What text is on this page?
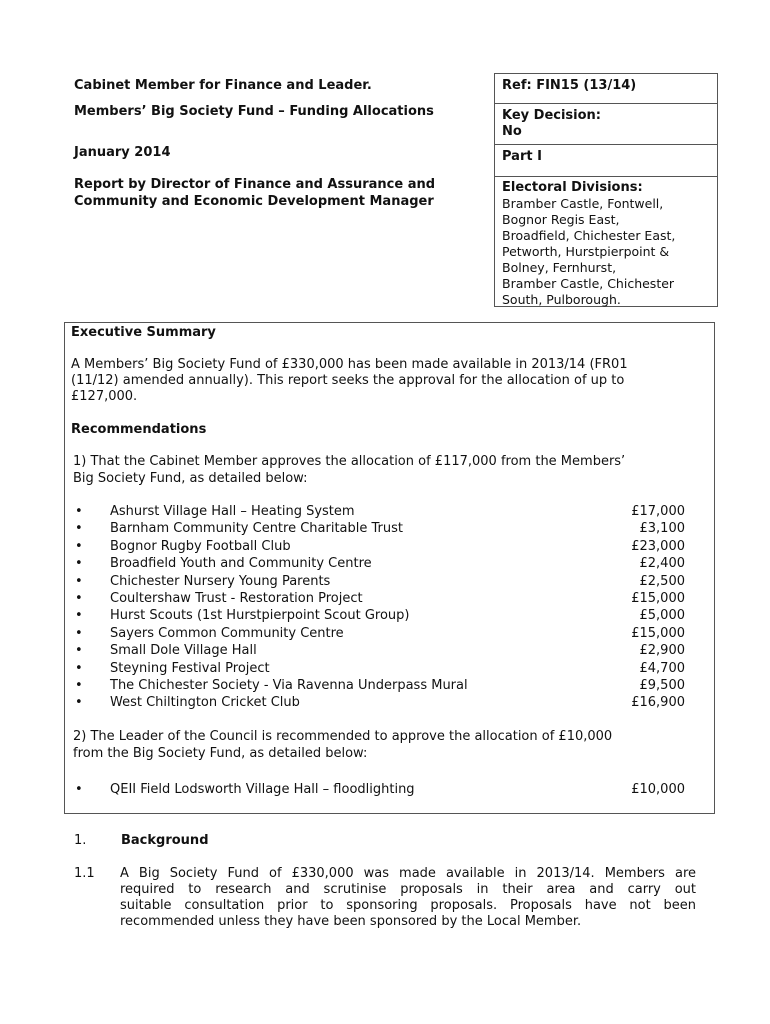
Cabinet Member for Finance and Leader.
Members’ Big Society Fund – Funding Allocations
January 2014
Report by Director of Finance and Assurance and
Community and Economic Development Manager
Ref: FIN15 (13/14)
Key Decision:
No
Part I
Electoral Divisions:
Bramber Castle, Fontwell,
Bognor Regis East,
Broadfield, Chichester East,
Petworth, Hurstpierpoint &
Bolney, Fernhurst,
Bramber Castle, Chichester
South, Pulborough.
Executive Summary
A Members’ Big Society Fund of £330,000 has been made available in 2013/14 (FR01
(11/12) amended annually). This report seeks the approval for the allocation of up to
£127,000.
Recommendations
1) That the Cabinet Member approves the allocation of £117,000 from the Members’
Big Society Fund, as detailed below:
• Ashurst Village Hall – Heating System	£17,000
• Barnham Community Centre Charitable Trust	£3,100
• Bognor Rugby Football Club	£23,000
• Broadfield Youth and Community Centre	£2,400
• Chichester Nursery Young Parents	£2,500
• Coultershaw Trust - Restoration Project	£15,000
• Hurst Scouts (1st Hurstpierpoint Scout Group)	£5,000
• Sayers Common Community Centre	£15,000
• Small Dole Village Hall	£2,900
• Steyning Festival Project	£4,700
• The Chichester Society - Via Ravenna Underpass Mural	£9,500
• West Chiltington Cricket Club	£16,900
2) The Leader of the Council is recommended to approve the allocation of £10,000
from the Big Society Fund, as detailed below:
• QEII Field Lodsworth Village Hall – floodlighting	£10,000
1.	Background
1.1 A Big Society Fund of £330,000 was made available in 2013/14. Members are
required to research and scrutinise proposals in their area and carry out
suitable consultation prior to sponsoring proposals. Proposals have not been
recommended unless they have been sponsored by the Local Member.
